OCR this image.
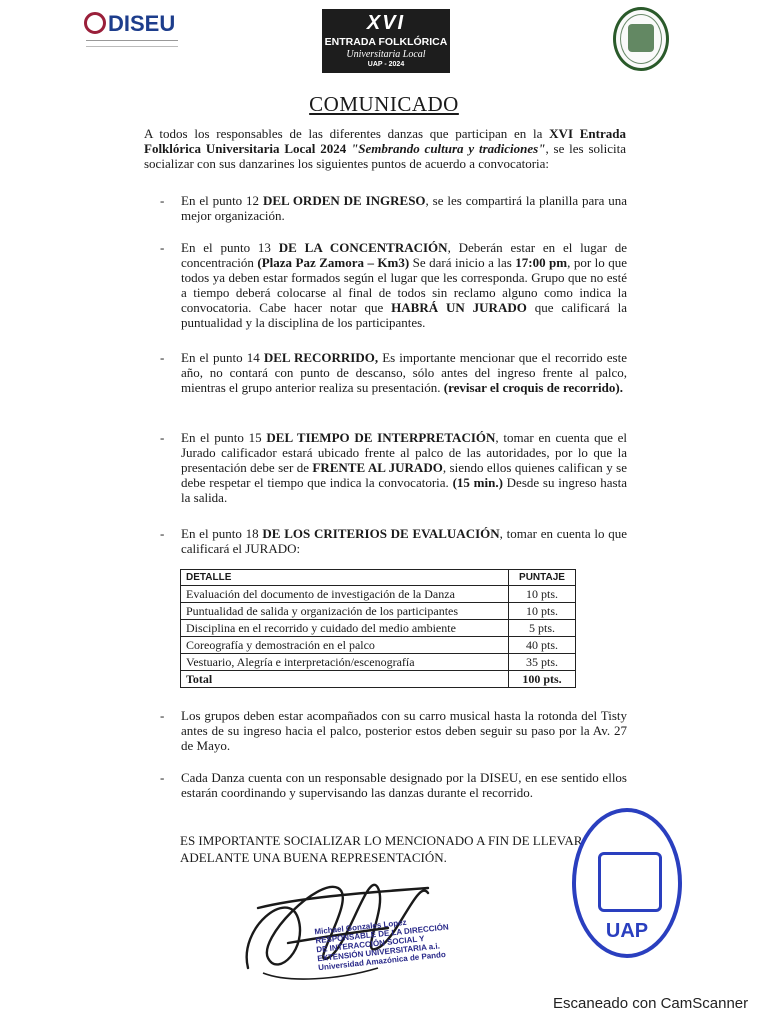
DISEU	XVI
ENTRADA FOLKLÓRICA
Universitaria Local
UAP - 2024
COMUNICADO
A todos los responsables de las diferentes danzas que participan en la XVI Entrada Folklórica Universitaria Local 2024 "Sembrando cultura y tradiciones", se les solicita socializar con sus danzarines los siguientes puntos de acuerdo a convocatoria:
- En el punto 12 DEL ORDEN DE INGRESO, se les compartirá la planilla para una mejor organización.
- En el punto 13 DE LA CONCENTRACIÓN, Deberán estar en el lugar de concentración (Plaza Paz Zamora – Km3) Se dará inicio a las 17:00 pm, por lo que todos ya deben estar formados según el lugar que les corresponda. Grupo que no esté a tiempo deberá colocarse al final de todos sin reclamo alguno como indica la convocatoria. Cabe hacer notar que HABRÁ UN JURADO que calificará la puntualidad y la disciplina de los participantes.
- En el punto 14 DEL RECORRIDO, Es importante mencionar que el recorrido este año, no contará con punto de descanso, sólo antes del ingreso frente al palco, mientras el grupo anterior realiza su presentación. (revisar el croquis de recorrido).
- En el punto 15 DEL TIEMPO DE INTERPRETACIÓN, tomar en cuenta que el Jurado calificador estará ubicado frente al palco de las autoridades, por lo que la presentación debe ser de FRENTE AL JURADO, siendo ellos quienes califican y se debe respetar el tiempo que indica la convocatoria. (15 min.) Desde su ingreso hasta la salida.
- En el punto 18 DE LOS CRITERIOS DE EVALUACIÓN, tomar en cuenta lo que calificará el JURADO:
DETALLE	PUNTAJE
Evaluación del documento de investigación de la Danza	10 pts.
Puntualidad de salida y organización de los participantes	10 pts.
Disciplina en el recorrido y cuidado del medio ambiente	5 pts.
Coreografía y demostración en el palco	40 pts.
Vestuario, Alegría e interpretación/escenografía	35 pts.
Total	100 pts.
- Los grupos deben estar acompañados con su carro musical hasta la rotonda del Tisty antes de su ingreso hacia el palco, posterior estos deben seguir su paso por la Av. 27 de Mayo.
- Cada Danza cuenta con un responsable designado por la DISEU, en ese sentido ellos estarán coordinando y supervisando las danzas durante el recorrido.
ES IMPORTANTE SOCIALIZAR LO MENCIONADO A FIN DE LLEVAR ADELANTE UNA BUENA REPRESENTACIÓN.
Michael Gonzales Lopez RESPONSABLE DE LA DIRECCIÓN DE INTERACCIÓN SOCIAL Y EXTENSIÓN UNIVERSITARIA a.i. Universidad Amazónica de Pando
UAP
Escaneado con CamScanner
